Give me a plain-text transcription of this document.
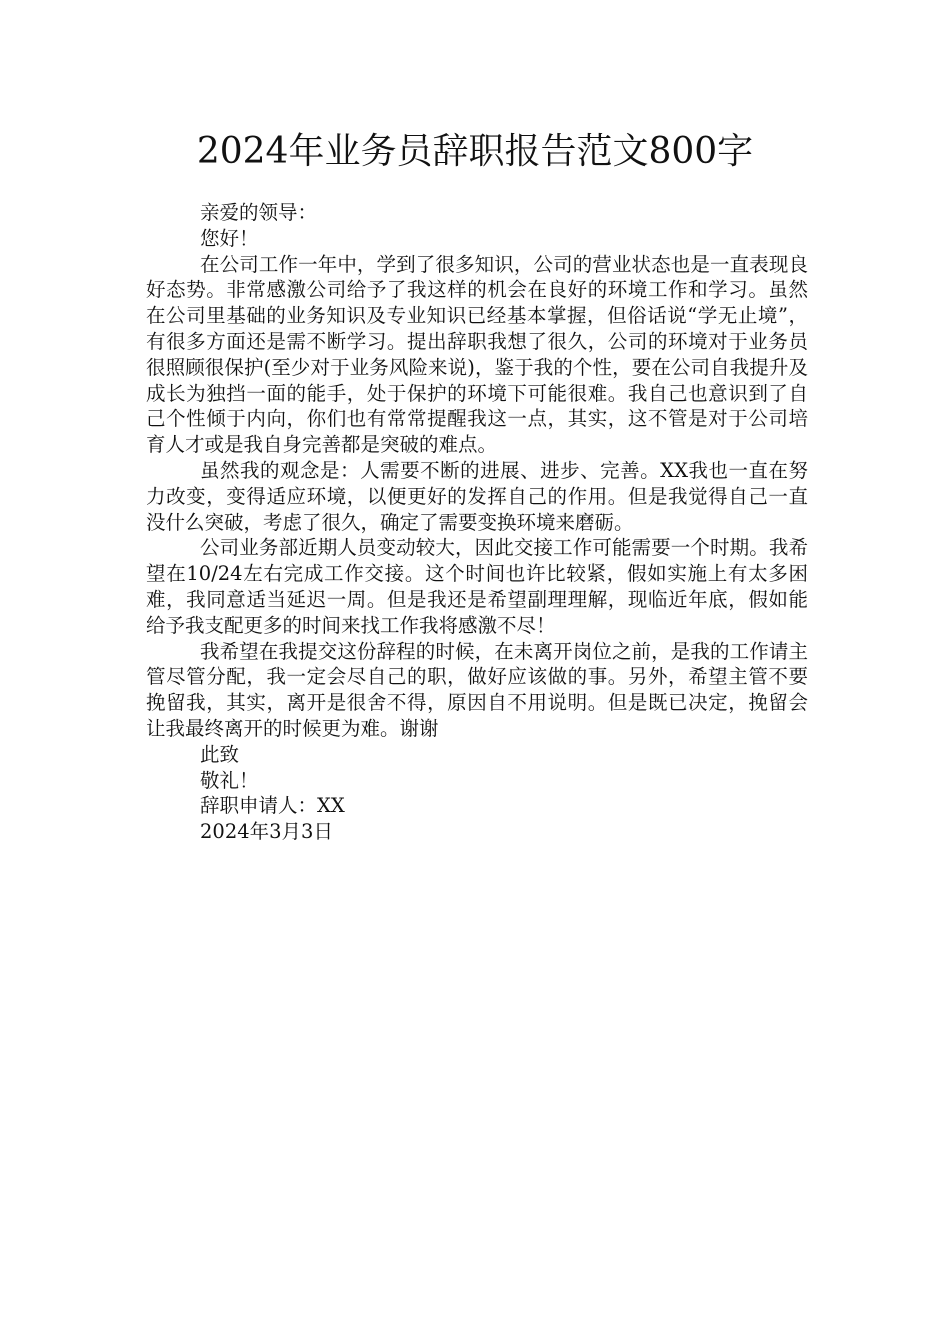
2024年业务员辞职报告范文800字

亲爱的领导：

您好！

在公司工作一年中，学到了很多知识，公司的营业状态也是一直表现良好态势。非常感激公司给予了我这样的机会在良好的环境工作和学习。虽然在公司里基础的业务知识及专业知识已经基本掌握，但俗话说“学无止境”，有很多方面还是需不断学习。提出辞职我想了很久，公司的环境对于业务员很照顾很保护(至少对于业务风险来说)，鉴于我的个性，要在公司自我提升及成长为独挡一面的能手，处于保护的环境下可能很难。我自己也意识到了自己个性倾于内向，你们也有常常提醒我这一点，其实，这不管是对于公司培育人才或是我自身完善都是突破的难点。

虽然我的观念是：人需要不断的进展、进步、完善。XX我也一直在努力改变，变得适应环境，以便更好的发挥自己的作用。但是我觉得自己一直没什么突破，考虑了很久，确定了需要变换环境来磨砺。

公司业务部近期人员变动较大，因此交接工作可能需要一个时期。我希望在10/24左右完成工作交接。这个时间也许比较紧，假如实施上有太多困难，我同意适当延迟一周。但是我还是希望副理理解，现临近年底，假如能给予我支配更多的时间来找工作我将感激不尽！

我希望在我提交这份辞程的时候，在未离开岗位之前，是我的工作请主管尽管分配，我一定会尽自己的职，做好应该做的事。另外，希望主管不要挽留我，其实，离开是很舍不得，原因自不用说明。但是既已决定，挽留会让我最终离开的时候更为难。谢谢

此致

敬礼！

辞职申请人：XX

2024年3月3日
